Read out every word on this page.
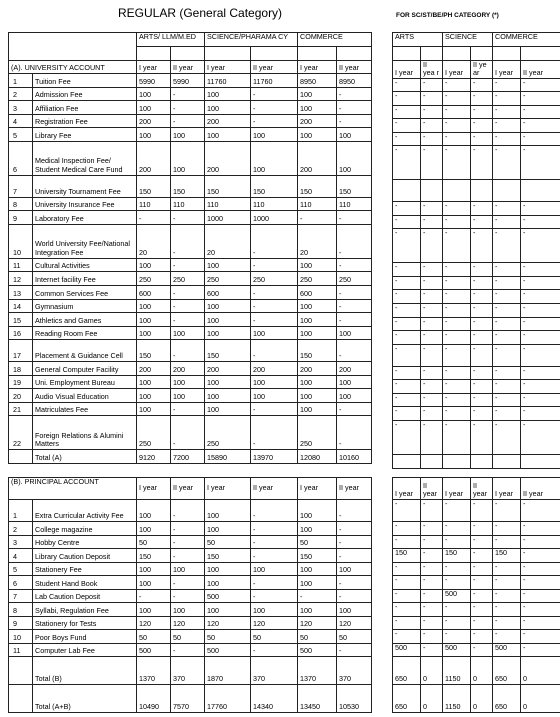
REGULAR (General Category)	FOR SC/ST/BE/PH CATEGORY (*)
		ARTS/ LLM/M.ED		SCIENCE/PHARAMA CY		COMMERCE	

(A). UNIVERSITY ACCOUNT		I year	II year	I year	II year	I year	II year
1	Tuition Fee	5990	5990	11760	11760	8950	8950
2	Admission Fee	100	-	100	-	100	-
3	Affiliation Fee	100	-	100	-	100	-
4	Registration Fee	200	-	200	-	200	-
5	Library Fee	100	100	100	100	100	100
6	Medical Inspection Fee/ Student Medical Care Fund	200	100	200	100	200	100
7	University Tournament Fee	150	150	150	150	150	150
8	University Insurance Fee	110	110	110	110	110	110
9	Laboratory Fee	-	-	1000	1000	-	-
10	World University Fee/National Integration Fee	20	-	20	-	20	-
11	Cultural Activities	100	-	100	-	100	-
12	Internet facility Fee	250	250	250	250	250	250
13	Common Services Fee	600	-	600	-	600	-
14	Gymnasium	100	-	100	-	100	-
15	Athletics and Games	100	-	100	-	100	-
16	Reading Room Fee	100	100	100	100	100	100
17	Placement & Guidance Cell	150	-	150	-	150	-
18	General Computer Facility	200	200	200	200	200	200
19	Uni. Employment Bureau	100	100	100	100	100	100
20	Audio Visual Education	100	100	100	100	100	100
21	Matriculates Fee	100	-	100	-	100	-
22	Foreign Relations & Alumini Matters	250	-	250	-	250	-
	Total (A)	9120	7200	15890	13970	12080	10160
ARTS		SCIENCE		COMMERCE	

I year	II yea r	I year	II ye ar	I year	II year
-	-	-	-	-	-
-	-	-	-	-	-
-	-	-	-	-	-
-	-	-	-	-	-
-	-	-	-	-	-
-	-	-	-	-	-

-	-	-	-	-	-
-	-	-	-	-	-
-	-	-	-	-	-
-	-	-	-	-	-
-	-	-	-	-	-
-	-	-	-	-	-
-	-	-	-	-	-
-	-	-	-	-	-
-	-	-	-	-	-
-	-	-	-	-	-
-	-	-	-	-	-
-	-	-	-	-	-
-	-	-	-	-	-
-	-	-	-	-	-
-	-	-	-	-	-

(B). PRINCIPAL ACCOUNT		I year	II year	I year	II year	I year	II year
1	Extra Curricular Activity Fee	100	-	100	-	100	-
2	College magazine	100	-	100	-	100	-
3	Hobby Centre	50	-	50	-	50	-
4	Library Caution Deposit	150	-	150	-	150	-
5	Stationery Fee	100	100	100	100	100	100
6	Student Hand Book	100	-	100	-	100	-
7	Lab Caution Deposit	-	-	500	-	-	-
8	Syllabi, Regulation Fee	100	100	100	100	100	100
9	Stationery for Tests	120	120	120	120	120	120
10	Poor Boys Fund	50	50	50	50	50	50
11	Computer Lab Fee	500	-	500	-	500	-
	Total (B)	1370	370	1870	370	1370	370
	Total (A+B)	10490	7570	17760	14340	13450	10530
I year	II year	I year	II year	I year	II year
-	-	-	-	-	-
-	-	-	-	-	-
-	-	-	-	-	-
150	-	150	-	150	-
-	-	-	-	-	-
-	-	-	-	-	-
-	-	500	-	-	-
-	-	-	-	-	-
-	-	-	-	-	-
-	-	-	-	-	-
500	-	500	-	500	-
650	0	1150	0	650	0
650	0	1150	0	650	0
